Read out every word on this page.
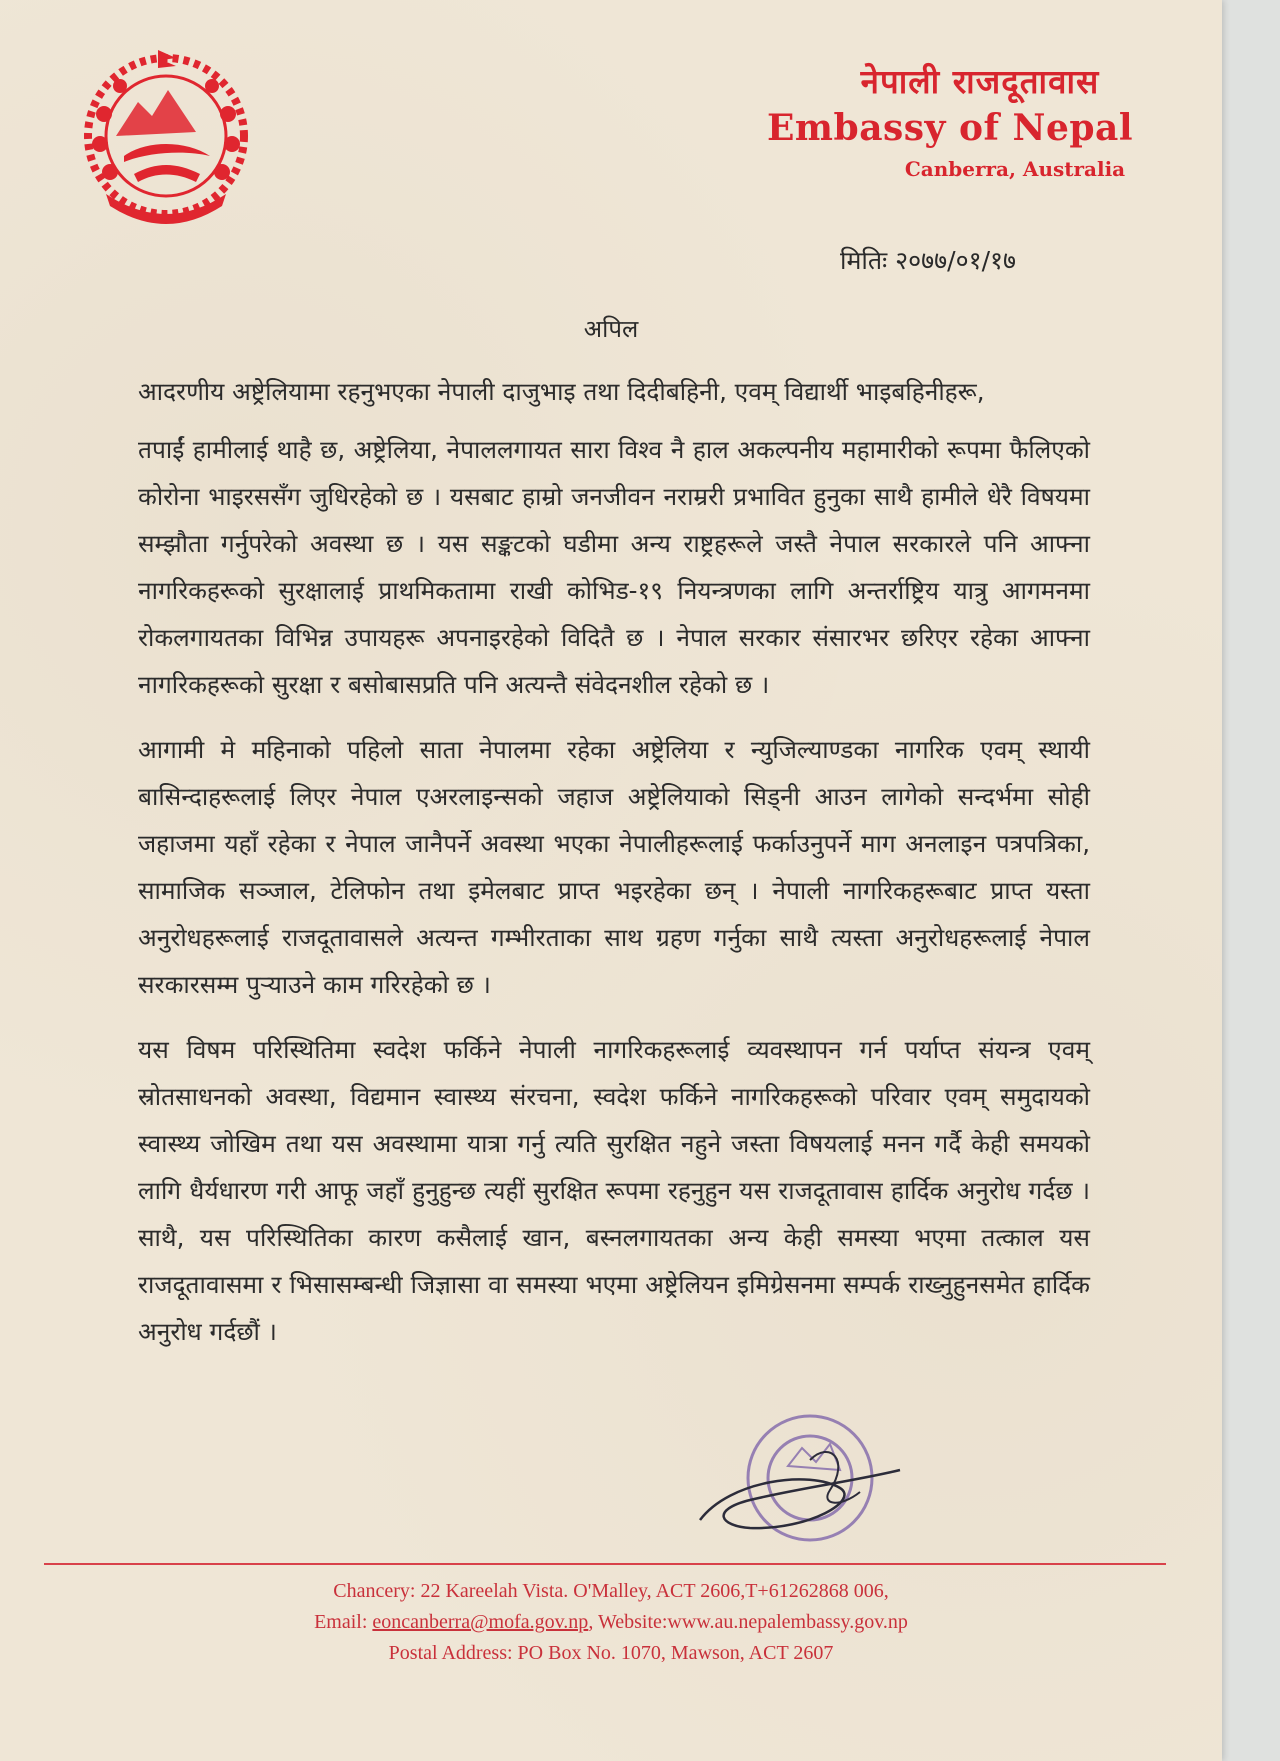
नेपाली राजदूतावास
Embassy of Nepal
Canberra, Australia
मितिः २०७७/०१/१७
अपिल
आदरणीय अष्ट्रेलियामा रहनुभएका नेपाली दाजुभाइ तथा दिदीबहिनी, एवम् विद्यार्थी भाइबहिनीहरू,

तपाईं हामीलाई थाहै छ, अष्ट्रेलिया, नेपाललगायत सारा विश्व नै हाल अकल्पनीय महामारीको रूपमा फैलिएको कोरोना भाइरससँग जुधिरहेको छ । यसबाट हाम्रो जनजीवन नराम्ररी प्रभावित हुनुका साथै हामीले धेरै विषयमा सम्झौता गर्नुपरेको अवस्था छ । यस सङ्कटको घडीमा अन्य राष्ट्रहरूले जस्तै नेपाल सरकारले पनि आफ्ना नागरिकहरूको सुरक्षालाई प्राथमिकतामा राखी कोभिड-१९ नियन्त्रणका लागि अन्तर्राष्ट्रिय यात्रु आगमनमा रोकलगायतका विभिन्न उपायहरू अपनाइरहेको विदितै छ । नेपाल सरकार संसारभर छरिएर रहेका आफ्ना नागरिकहरूको सुरक्षा र बसोबासप्रति पनि अत्यन्तै संवेदनशील रहेको छ ।

आगामी मे महिनाको पहिलो साता नेपालमा रहेका अष्ट्रेलिया र न्युजिल्याण्डका नागरिक एवम् स्थायी बासिन्दाहरूलाई लिएर नेपाल एअरलाइन्सको जहाज अष्ट्रेलियाको सिड्नी आउन लागेको सन्दर्भमा सोही जहाजमा यहाँ रहेका र नेपाल जानैपर्ने अवस्था भएका नेपालीहरूलाई फर्काउनुपर्ने माग अनलाइन पत्रपत्रिका, सामाजिक सञ्जाल, टेलिफोन तथा इमेलबाट प्राप्त भइरहेका छन् । नेपाली नागरिकहरूबाट प्राप्त यस्ता अनुरोधहरूलाई राजदूतावासले अत्यन्त गम्भीरताका साथ ग्रहण गर्नुका साथै त्यस्ता अनुरोधहरूलाई नेपाल सरकारसम्म पुऱ्याउने काम गरिरहेको छ ।

यस विषम परिस्थितिमा स्वदेश फर्किने नेपाली नागरिकहरूलाई व्यवस्थापन गर्न पर्याप्त संयन्त्र एवम् स्रोतसाधनको अवस्था, विद्यमान स्वास्थ्य संरचना, स्वदेश फर्किने नागरिकहरूको परिवार एवम् समुदायको स्वास्थ्य जोखिम तथा यस अवस्थामा यात्रा गर्नु त्यति सुरक्षित नहुने जस्ता विषयलाई मनन गर्दै केही समयको लागि धैर्यधारण गरी आफू जहाँ हुनुहुन्छ त्यहीं सुरक्षित रूपमा रहनुहुन यस राजदूतावास हार्दिक अनुरोध गर्दछ । साथै, यस परिस्थितिका कारण कसैलाई खान, बस्नलगायतका अन्य केही समस्या भएमा तत्काल यस राजदूतावासमा र भिसासम्बन्धी जिज्ञासा वा समस्या भएमा अष्ट्रेलियन इमिग्रेसनमा सम्पर्क राख्नुहुनसमेत हार्दिक अनुरोध गर्दछौं ।

Chancery: 22 Kareelah Vista. O'Malley, ACT 2606,T+61262868 006,
Email: eoncanberra@mofa.gov.np, Website:www.au.nepalembassy.gov.np
Postal Address: PO Box No. 1070, Mawson, ACT 2607
